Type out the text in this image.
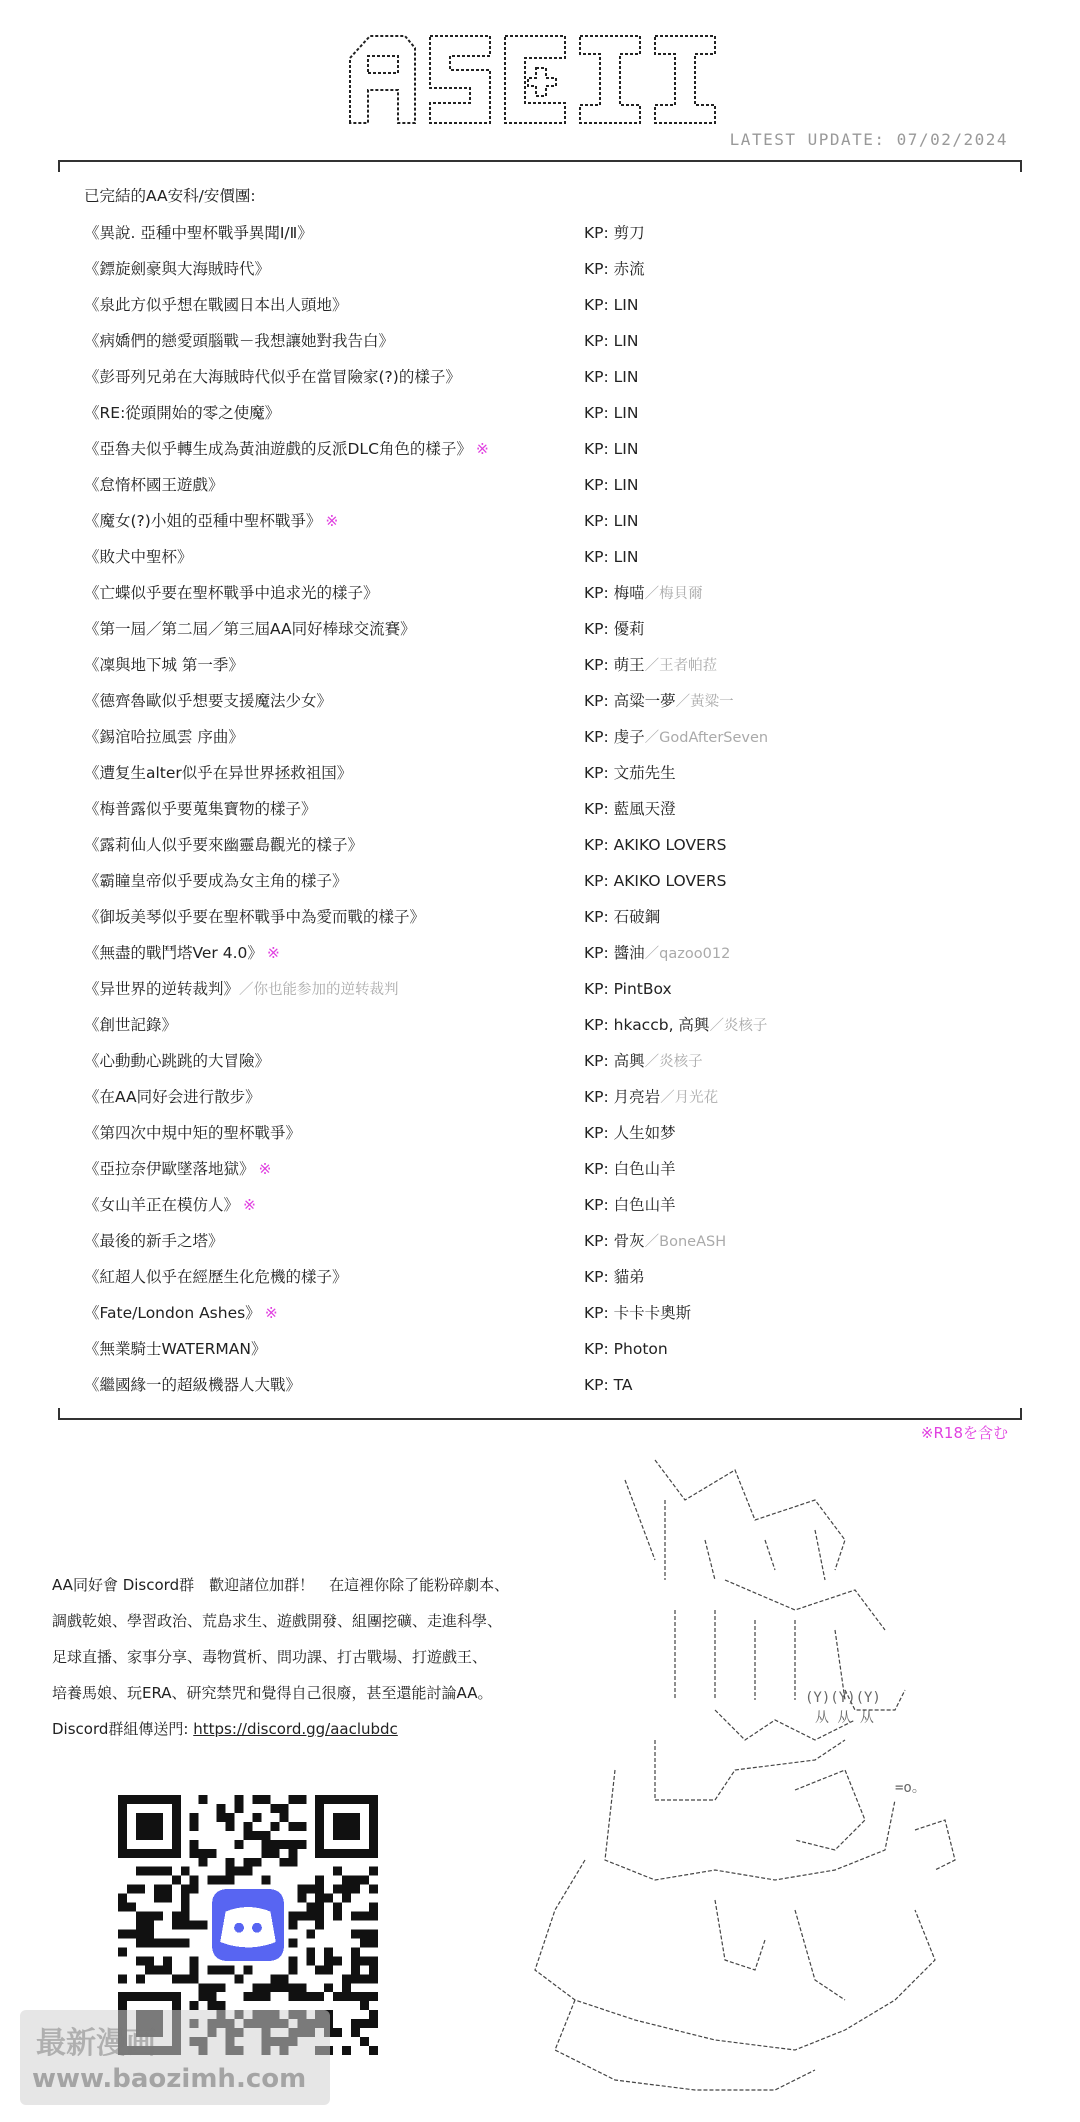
LATEST UPDATE: 07/02/2024
已完結的AA安科/安價團:
《異說. 亞種中聖杯戰爭異聞Ⅰ/Ⅱ》	KP: 剪刀
《鏢旋劍豪與大海賊時代》	KP: 赤流
《泉此方似乎想在戰國日本出人頭地》	KP: LIN
《病嬌們的戀愛頭腦戰－我想讓她對我告白》	KP: LIN
《彭哥列兄弟在大海賊時代似乎在當冒險家(?)的樣子》	KP: LIN
《RE:從頭開始的零之使魔》	KP: LIN
《亞魯夫似乎轉生成為黃油遊戲的反派DLC角色的樣子》 ※	KP: LIN
《怠惰杯國王遊戲》	KP: LIN
《魔女(?)小姐的亞種中聖杯戰爭》 ※	KP: LIN
《敗犬中聖杯》	KP: LIN
《亡蝶似乎要在聖杯戰爭中追求光的樣子》	KP: 梅喵／梅貝爾
《第一屆／第二屆／第三屆AA同好棒球交流賽》	KP: 優莉
《凜與地下城 第一季》	KP: 萌王／王者帕菈
《德齊魯歐似乎想要支援魔法少女》	KP: 高粱一夢／黃粱一
《錫涫哈拉風雲 序曲》	KP: 虔子／GodAfterSeven
《遭复生alter似乎在异世界拯救祖国》	KP: 文茄先生
《梅普露似乎要蒐集寶物的樣子》	KP: 藍風天澄
《露莉仙人似乎要來幽靈島觀光的樣子》	KP: AKIKO LOVERS
《霸瞳皇帝似乎要成為女主角的樣子》	KP: AKIKO LOVERS
《御坂美琴似乎要在聖杯戰爭中為愛而戰的樣子》	KP: 石破鋼
《無盡的戰鬥塔Ver 4.0》 ※	KP: 醬油／qazoo012
《异世界的逆转裁判》／你也能参加的逆转裁判	KP: PintBox
《創世記錄》	KP: hkaccb, 高興／炎核子
《心動動心跳跳的大冒險》	KP: 高興／炎核子
《在AA同好会进行散步》	KP: 月亮岩／月光花
《第四次中規中矩的聖杯戰爭》	KP: 人生如梦
《亞拉奈伊歐墜落地獄》 ※	KP: 白色山羊
《女山羊正在模仿人》 ※	KP: 白色山羊
《最後的新手之塔》	KP: 骨灰／BoneASH
《紅超人似乎在經歷生化危機的樣子》	KP: 貓弟
《Fate/London Ashes》 ※	KP: 卡卡卡奧斯
《無業騎士WATERMAN》	KP: Photon
《繼國緣一的超級機器人大戰》	KP: TA
※R18を含む
AA同好會 Discord群　歡迎諸位加群！　在這裡你除了能粉碎劇本、
調戲乾娘、學習政治、荒島求生、遊戲開發、組團挖礦、走進科學、
足球直播、家事分享、毒物賞析、問功課、打古戰場、打遊戲王、
培養馬娘、玩ERA、研究禁咒和覺得自己很廢，甚至還能討論AA。
Discord群組傳送門: https://discord.gg/aaclubdc
(Y)(Y)(Y)
从 从 从
=o。
最新漫画
www.baozimh.com
